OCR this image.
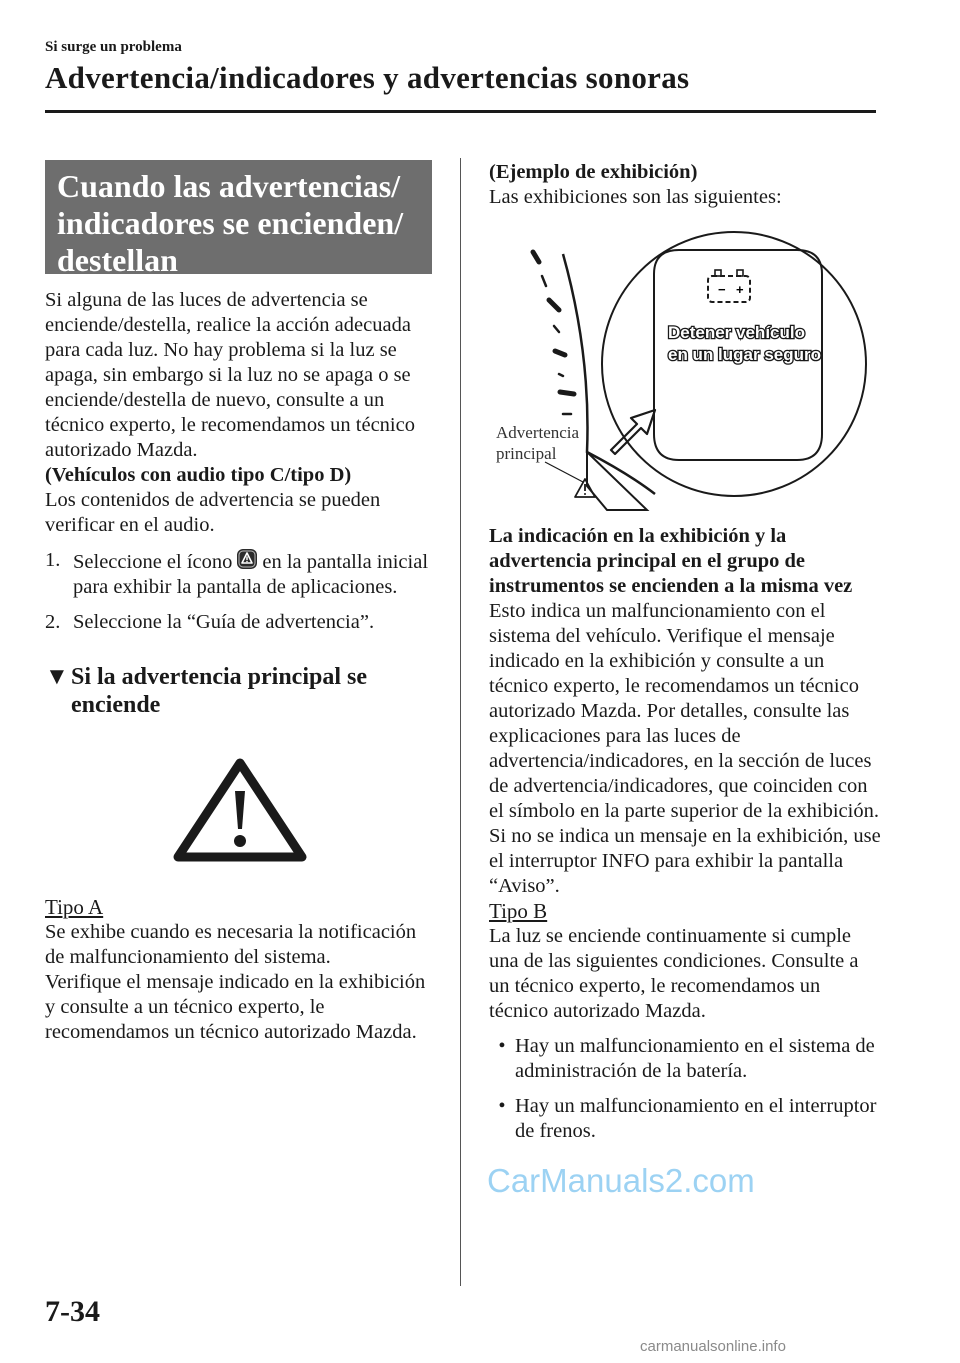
Si surge un problema
Advertencia/indicadores y advertencias sonoras
Cuando las advertencias/ indicadores se encienden/ destellan

Si alguna de las luces de advertencia se enciende/destella, realice la acción adecuada para cada luz. No hay problema si la luz se apaga, sin embargo si la luz no se apaga o se enciende/destella de nuevo, consulte a un técnico experto, le recomendamos un técnico autorizado Mazda.

(Vehículos con audio tipo C/tipo D)

Los contenidos de advertencia se pueden verificar en el audio.

1. Seleccione el ícono en la pantalla inicial para exhibir la pantalla de aplicaciones.
2. Seleccione la “Guía de advertencia”.
▼ Si la advertencia principal se enciende

Tipo A

Se exhibe cuando es necesaria la notificación de malfuncionamiento del sistema.

Verifique el mensaje indicado en la exhibición y consulte a un técnico experto, le recomendamos un técnico autorizado Mazda.

(Ejemplo de exhibición)

Las exhibiciones son las siguientes:

− +
Detener vehículo
en un lugar seguro
Advertencia
principal

La indicación en la exhibición y la advertencia principal en el grupo de instrumentos se encienden a la misma vez

Esto indica un malfuncionamiento con el sistema del vehículo. Verifique el mensaje indicado en la exhibición y consulte a un técnico experto, le recomendamos un técnico autorizado Mazda. Por detalles, consulte las explicaciones para las luces de advertencia/indicadores, en la sección de luces de advertencia/indicadores, que coinciden con el símbolo en la parte superior de la exhibición. Si no se indica un mensaje en la exhibición, use el interruptor INFO para exhibir la pantalla “Aviso”.

Tipo B

La luz se enciende continuamente si cumple una de las siguientes condiciones. Consulte a un técnico experto, le recomendamos un técnico autorizado Mazda.

• Hay un malfuncionamiento en el sistema de administración de la batería.
• Hay un malfuncionamiento en el interruptor de frenos.
CarManuals2.com
7-34
carmanualsonline.info
